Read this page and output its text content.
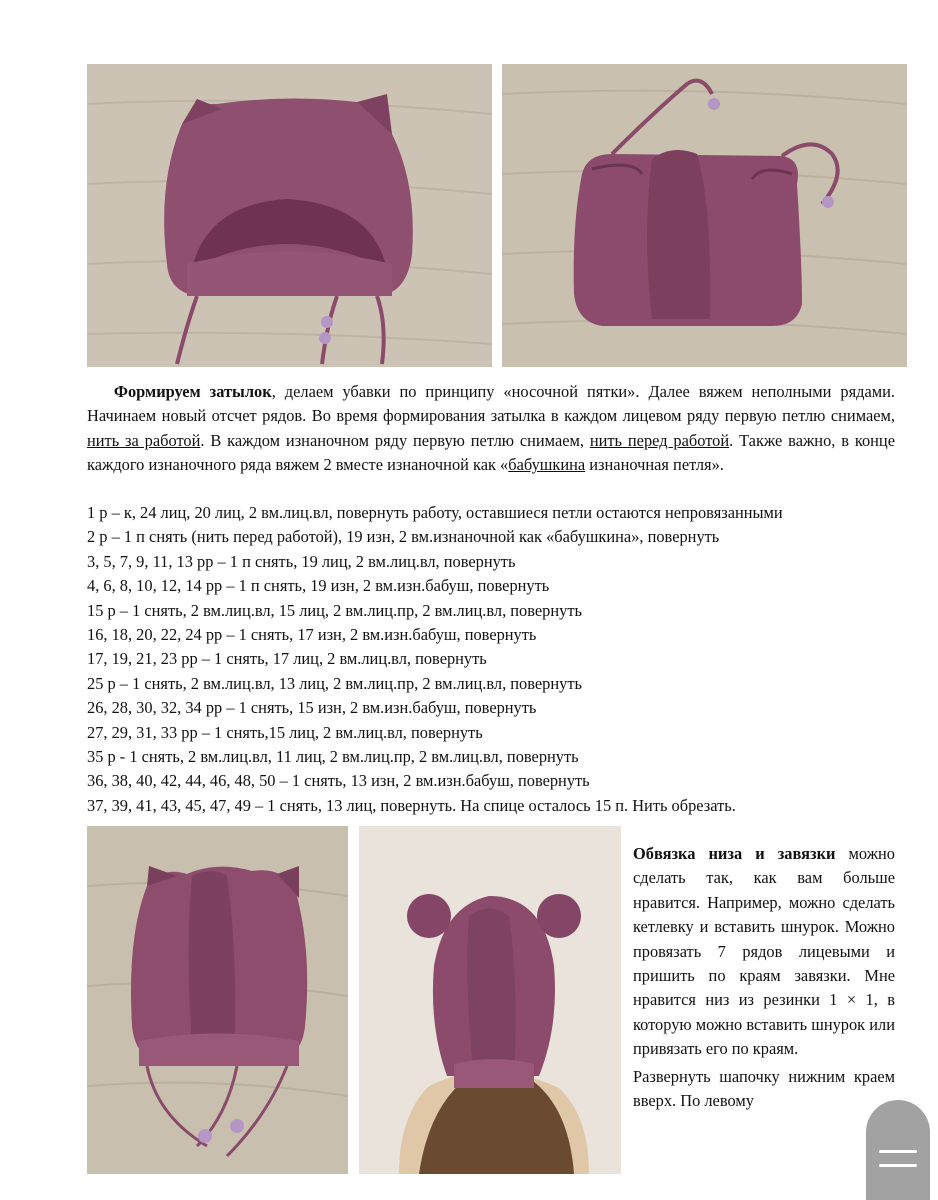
Формируем затылок, делаем убавки по принципу «носочной пятки». Далее вяжем неполными рядами. Начинаем новый отсчет рядов. Во время формирования затылка в каждом лицевом ряду первую петлю снимаем, нить за работой. В каждом изнаночном ряду первую петлю снимаем, нить перед работой. Также важно, в конце каждого изнаночного ряда вяжем 2 вместе изнаночной как «бабушкина изнаночная петля».
1 р – к, 24 лиц, 20 лиц, 2 вм.лиц.вл, повернуть работу, оставшиеся петли остаются непровязанными
2 р – 1 п снять (нить перед работой), 19 изн, 2 вм.изнаночной как «бабушкина», повернуть
3, 5, 7, 9, 11, 13 рр – 1 п снять, 19 лиц, 2 вм.лиц.вл, повернуть
4, 6, 8, 10, 12, 14 рр – 1 п снять, 19 изн, 2 вм.изн.бабуш, повернуть
15 р – 1 снять, 2 вм.лиц.вл, 15 лиц, 2 вм.лиц.пр, 2 вм.лиц.вл, повернуть
16, 18, 20, 22, 24 рр – 1 снять, 17 изн, 2 вм.изн.бабуш, повернуть
17, 19, 21, 23 рр – 1 снять, 17 лиц, 2 вм.лиц.вл, повернуть
25 р – 1 снять, 2 вм.лиц.вл, 13 лиц, 2 вм.лиц.пр, 2 вм.лиц.вл, повернуть
26, 28, 30, 32, 34 рр – 1 снять, 15 изн, 2 вм.изн.бабуш, повернуть
27, 29, 31, 33 рр – 1 снять,15 лиц, 2 вм.лиц.вл, повернуть
35 р - 1 снять, 2 вм.лиц.вл, 11 лиц, 2 вм.лиц.пр, 2 вм.лиц.вл, повернуть
36, 38, 40, 42, 44, 46, 48, 50 – 1 снять, 13 изн, 2 вм.изн.бабуш, повернуть
37, 39, 41, 43, 45, 47, 49 – 1 снять, 13 лиц, повернуть. На спице осталось 15 п. Нить обрезать.

Обвязка низа и завязки можно сделать так, как вам больше нравится. Например, можно сделать кетлевку и вставить шнурок. Можно провязать 7 рядов лицевыми и пришить по краям завязки. Мне нравится низ из резинки 1 × 1, в которую можно вставить шнурок или привязать его по краям.

Развернуть шапочку нижним краем вверх. По левому
